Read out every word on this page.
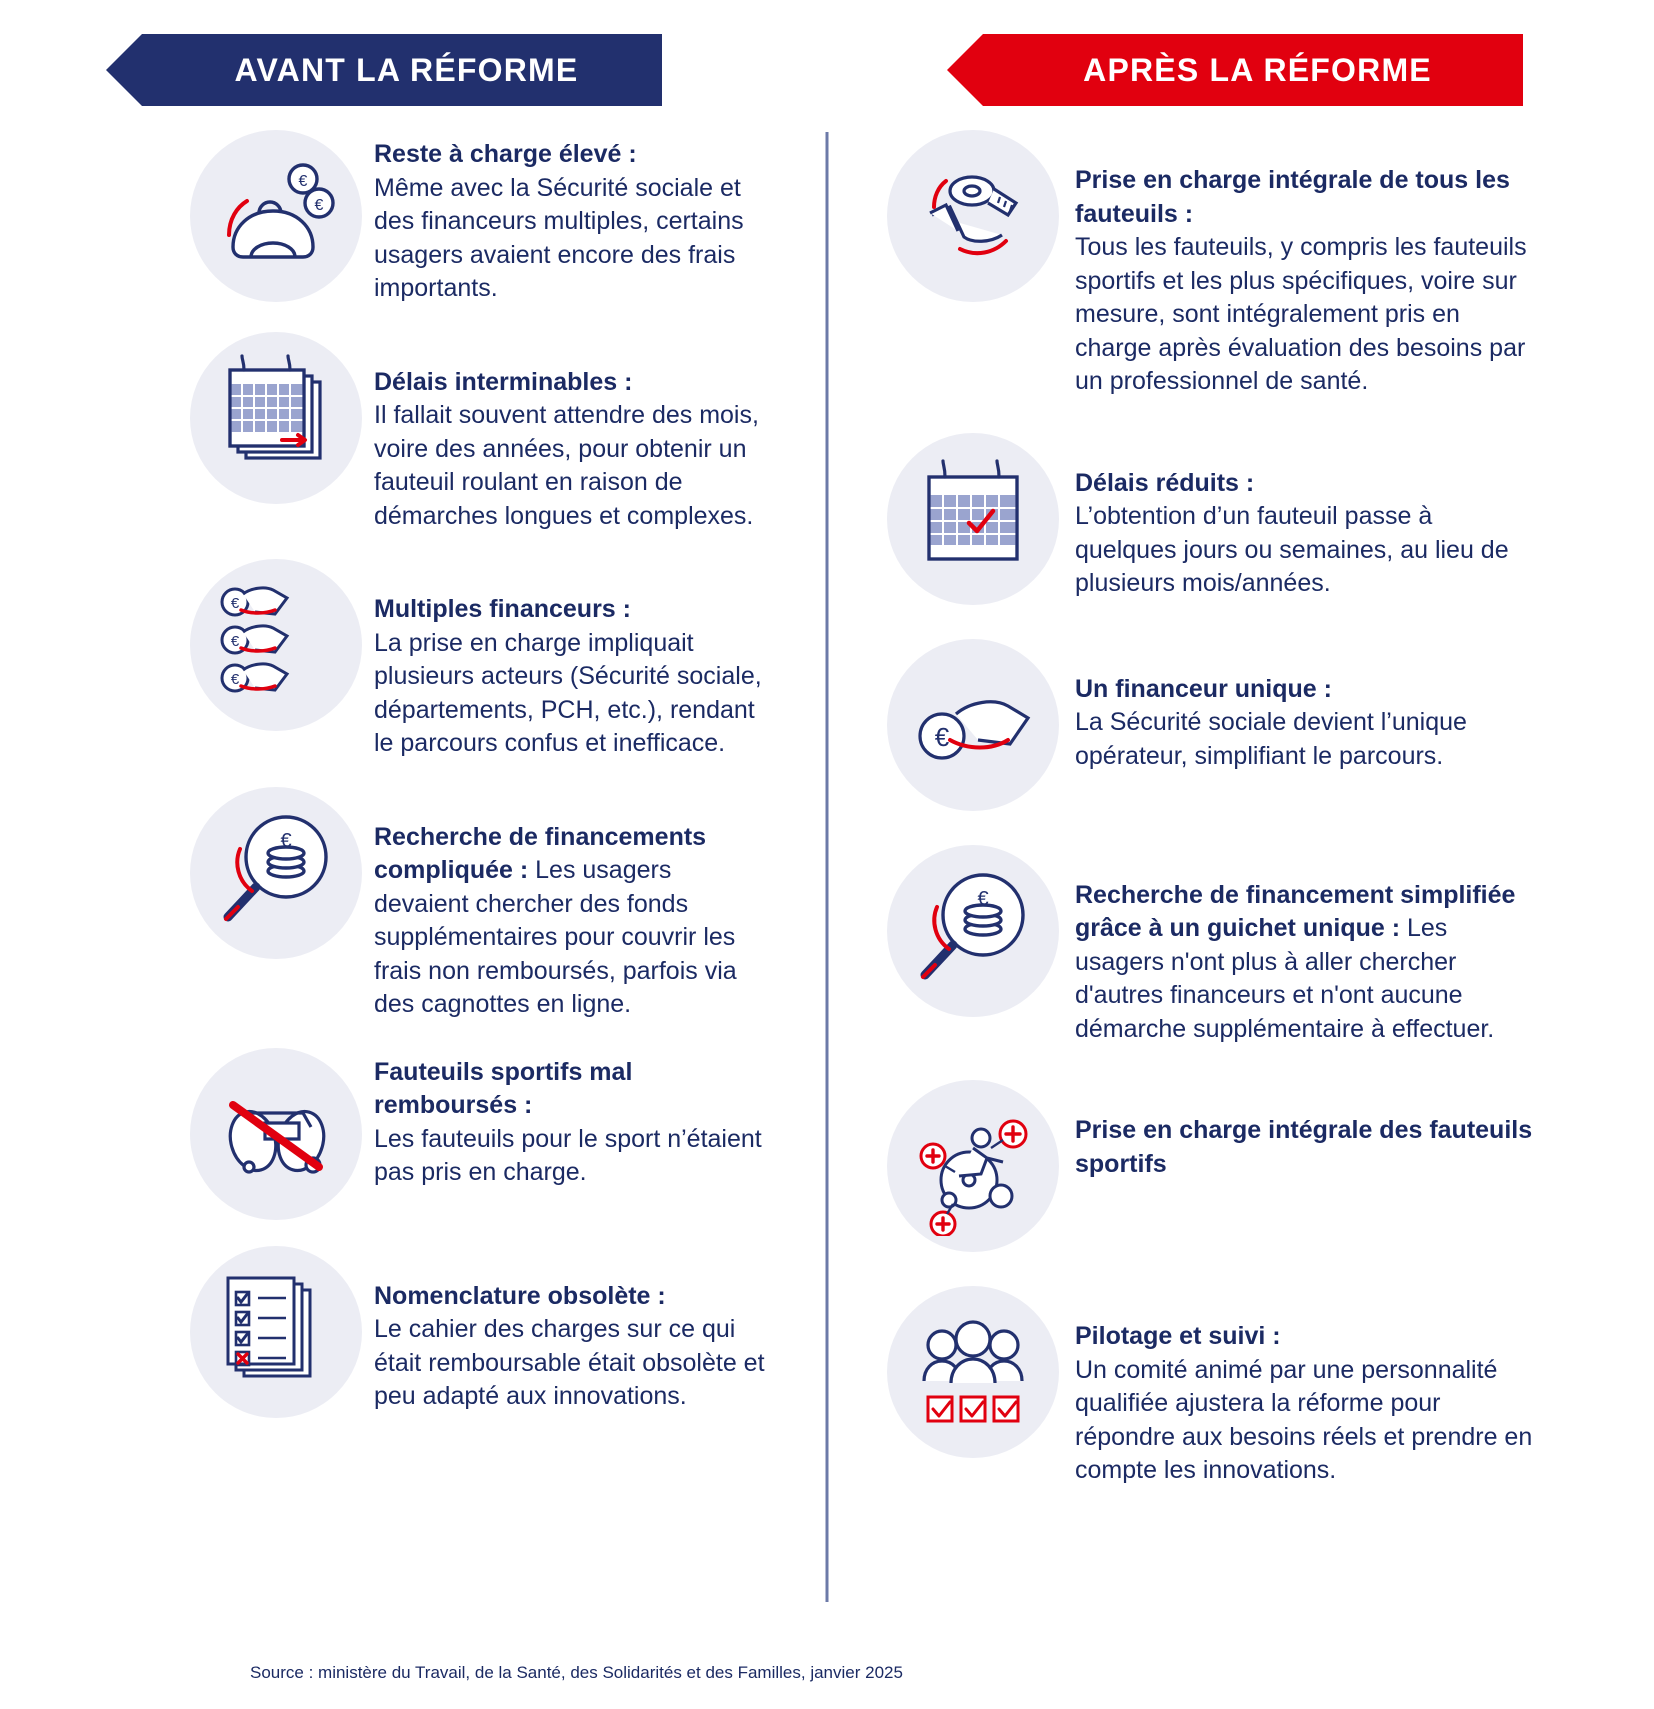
AVANT LA RÉFORME	APRÈS LA RÉFORME
€
€
Reste à charge élevé :
Même avec la Sécurité sociale et des financeurs multiples, certains usagers avaient encore des frais importants.
Délais interminables :
Il fallait souvent attendre des mois, voire des années, pour obtenir un fauteuil roulant en raison de démarches longues et complexes.
€
€
€
Multiples financeurs :
La prise en charge impliquait plusieurs acteurs (Sécurité sociale, départements, PCH, etc.), rendant le parcours confus et inefficace.
€	Recherche de financements compliquée : Les usagers devaient chercher des fonds supplémentaires pour couvrir les frais non remboursés, parfois via des cagnottes en ligne.
Fauteuils sportifs mal remboursés :
Les fauteuils pour le sport n’étaient pas pris en charge.
Nomenclature obsolète :
Le cahier des charges sur ce qui était remboursable était obsolète et peu adapté aux innovations.
Prise en charge intégrale de tous les fauteuils :
Tous les fauteuils, y compris les fauteuils sportifs et les plus spécifiques, voire sur mesure, sont intégralement pris en charge après évaluation des besoins par un professionnel de santé.
Délais réduits :
L’obtention d’un fauteuil passe à quelques jours ou semaines, au lieu de plusieurs mois/années.
€
Un financeur unique :
La Sécurité sociale devient l’unique opérateur, simplifiant le parcours.
€	Recherche de financement simplifiée grâce à un guichet unique : Les usagers n'ont plus à aller chercher d'autres financeurs et n'ont aucune démarche supplémentaire à effectuer.
Prise en charge intégrale des fauteuils sportifs
Pilotage et suivi :
Un comité animé par une personnalité qualifiée ajustera la réforme pour répondre aux besoins réels et prendre en compte les innovations.
Source : ministère du Travail, de la Santé, des Solidarités et des Familles, janvier 2025
